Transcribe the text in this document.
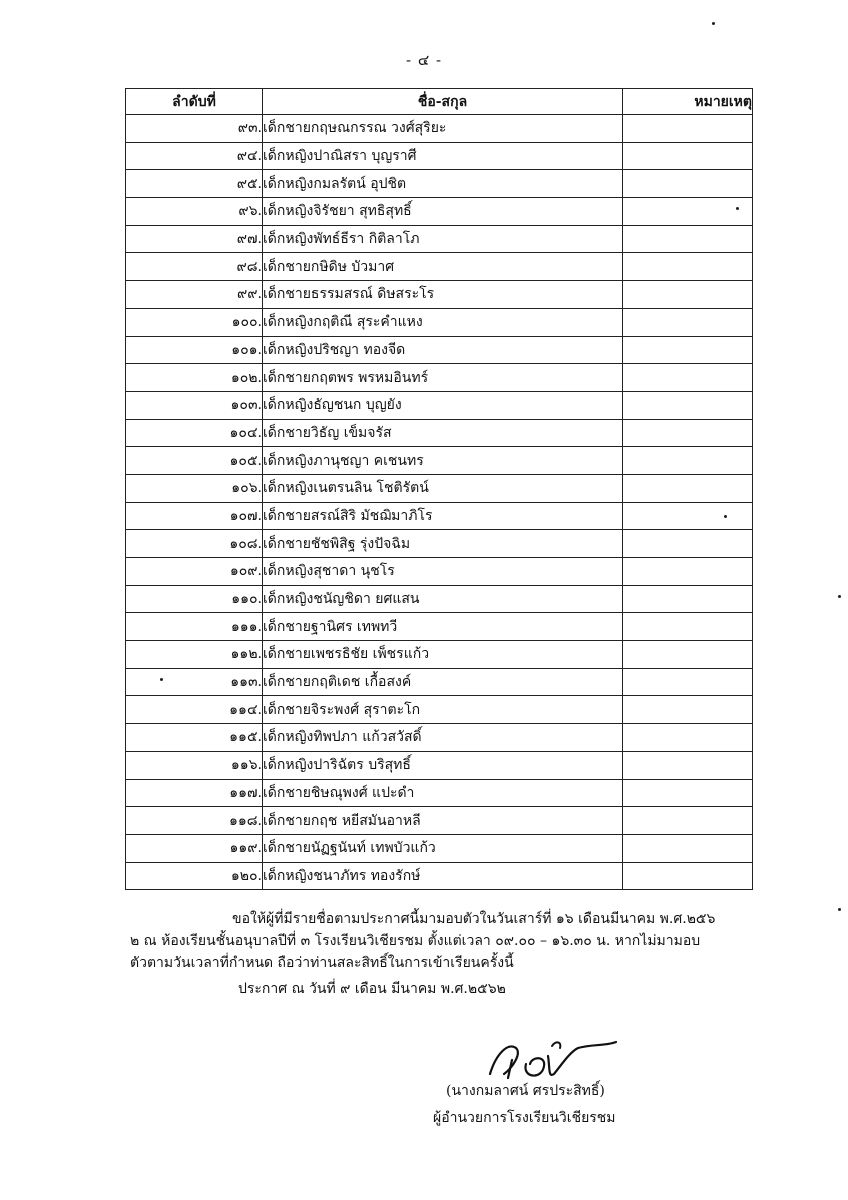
- ๔ -
ลำดับที่	ชื่อ-สกุล	หมายเหตุ
๙๓.	เด็กชายกฤษณกรรณ วงศ์สุริยะ	
๙๔.	เด็กหญิงปาณิสรา บุญราศี	
๙๕.	เด็กหญิงกมลรัตน์ อุปชิต	
๙๖.	เด็กหญิงจิรัชยา สุทธิสุทธิ์	
๙๗.	เด็กหญิงพัทธ์ธีรา กิติลาโภ	
๙๘.	เด็กชายกษิดิษ บัวมาศ	
๙๙.	เด็กชายธรรมสรณ์ ดิษสระโร	
๑๐๐.	เด็กหญิงกฤติณี สุระคำแหง	
๑๐๑.	เด็กหญิงปริชญา ทองจีด	
๑๐๒.	เด็กชายกฤตพร พรหมอินทร์	
๑๐๓.	เด็กหญิงธัญชนก บุญยัง	
๑๐๔.	เด็กชายวิธัญ เข็มจรัส	
๑๐๕.	เด็กหญิงภานุชญา คเชนทร	
๑๐๖.	เด็กหญิงเนตรนลิน โชติรัตน์	
๑๐๗.	เด็กชายสรณ์สิริ มัชฌิมาภิโร	
๑๐๘.	เด็กชายชัชพิสิฐ รุ่งปัจฉิม	
๑๐๙.	เด็กหญิงสุชาดา นุชโร	
๑๑๐.	เด็กหญิงชนัญชิดา ยศแสน	
๑๑๑.	เด็กชายฐานิศร เทพทวี	
๑๑๒.	เด็กชายเพชรธิชัย เพ็ชรแก้ว	
๑๑๓.	เด็กชายกฤติเดช เกื้อสงค์	
๑๑๔.	เด็กชายจิระพงศ์ สุราตะโก	
๑๑๕.	เด็กหญิงทิพปภา แก้วสวัสดิ์	
๑๑๖.	เด็กหญิงปาริฉัตร บริสุทธิ์	
๑๑๗.	เด็กชายชิษณุพงศ์ แปะดำ	
๑๑๘.	เด็กชายกฤช หยีสมันอาหลี	
๑๑๙.	เด็กชายนัฏฐนันท์ เทพบัวแก้ว	
๑๒๐.	เด็กหญิงชนาภัทร ทองรักษ์	
ขอให้ผู้ที่มีรายชื่อตามประกาศนี้มามอบตัวในวันเสาร์ที่ ๑๖ เดือนมีนาคม พ.ศ.๒๕๖
๒ ณ ห้องเรียนชั้นอนุบาลปีที่ ๓ โรงเรียนวิเชียรชม ตั้งแต่เวลา ๐๙.๐๐ – ๑๖.๓๐ น. หากไม่มามอบ
ตัวตามวันเวลาที่กำหนด ถือว่าท่านสละสิทธิ์ในการเข้าเรียนครั้งนี้
ประกาศ ณ วันที่ ๙ เดือน มีนาคม พ.ศ.๒๕๖๒
(นางกมลาศน์ ศรประสิทธิ์)
ผู้อำนวยการโรงเรียนวิเชียรชม
